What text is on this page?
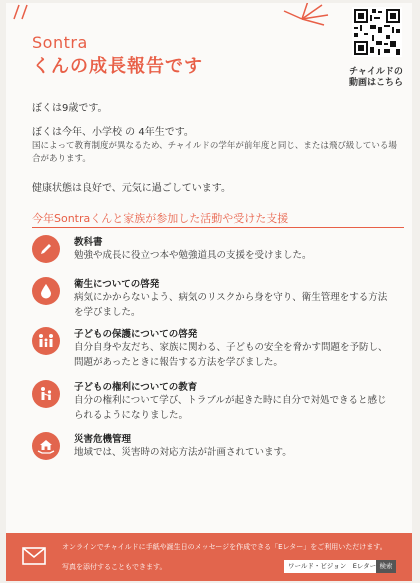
Sontra
くんの成長報告です	チャイルドの
動画はこちら
ぼくは9歳です。
ぼくは今年、小学校 の 4年生です。
国によって教育制度が異なるため、チャイルドの学年が前年度と同じ、または飛び級している場合があります。
健康状態は良好で、元気に過ごしています。
今年Sontraくんと家族が参加した活動や受けた支援
教科書
勉強や成長に役立つ本や勉強道具の支援を受けました。
衛生についての啓発
病気にかからないよう、病気のリスクから身を守り、衛生管理をする方法を学びました。
子どもの保護についての啓発
自分自身や友だち、家族に関わる、子どもの安全を脅かす問題を予防し、問題があったときに報告する方法を学びました。
子どもの権利についての教育
自分の権利について学び、トラブルが起きた時に自分で対処できると感じられるようになりました。
災害危機管理
地域では、災害時の対応方法が計画されています。
オンラインでチャイルドに手紙や誕生日のメッセージを作成できる「Eレター」をご利用いただけます。
写真を添付することもできます。	ワールド・ビジョン　Eレター 検索
